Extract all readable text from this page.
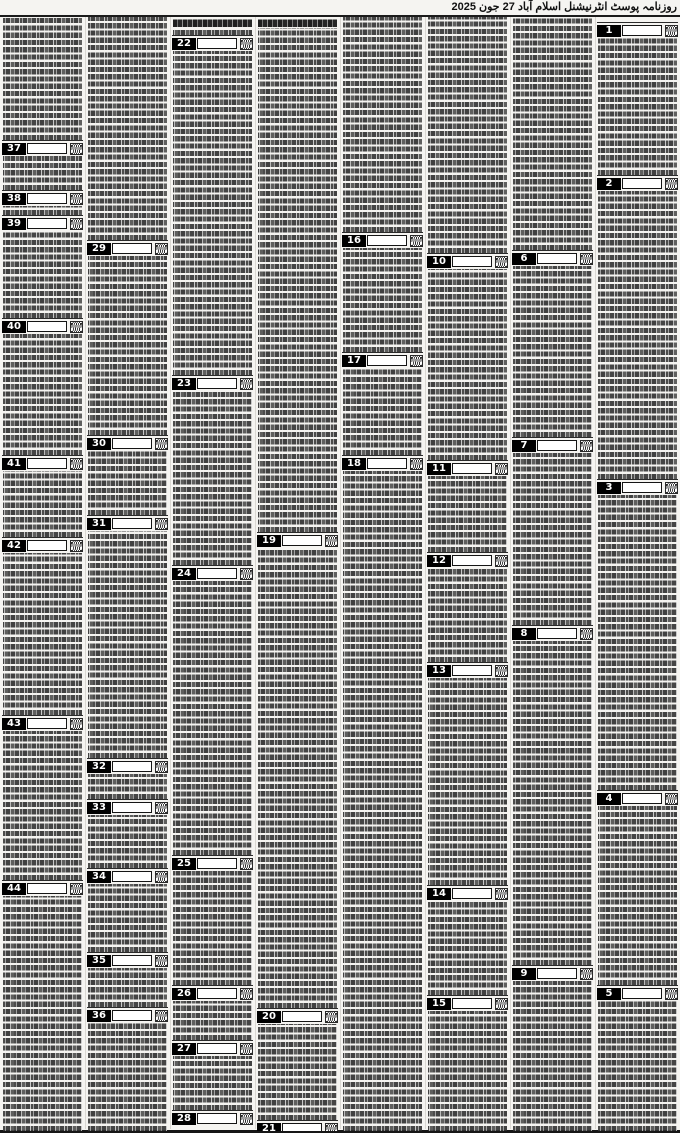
روزنامہ پوسٹ انٹرنیشنل اسلام آباد 27 جون 2025
37
38
39
40
41
42
43
44
29
30
31
32
33
34
35
36
22
23
24
25
26
27
28
19
20
21
16
17
18
10
11
12
13
14
15
6
7
8
9
1
2
3
4
5
